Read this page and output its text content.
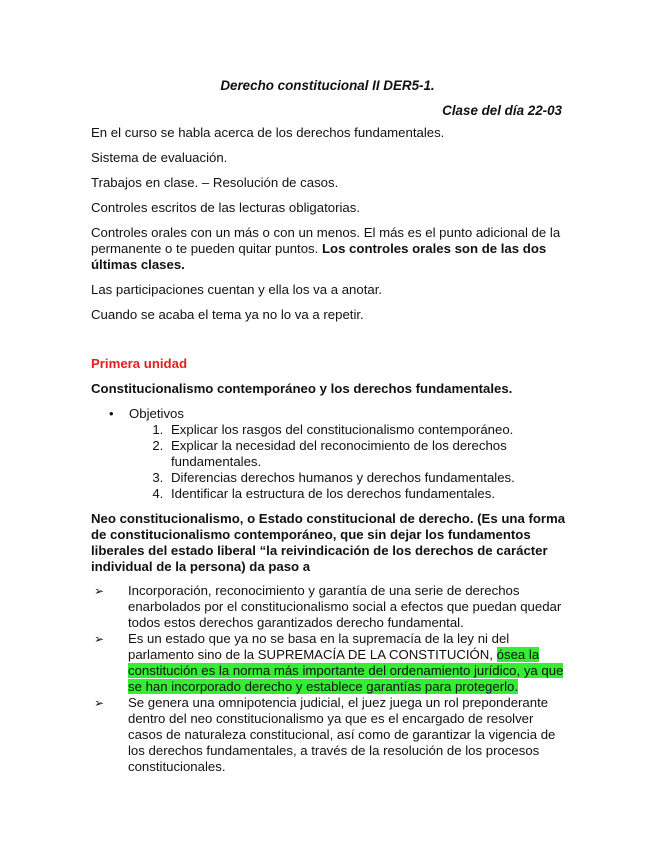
Derecho constitucional II DER5-1.

Clase del día 22-03

En el curso se habla acerca de los derechos fundamentales.

Sistema de evaluación.

Trabajos en clase. – Resolución de casos.

Controles escritos de las lecturas obligatorias.

Controles orales con un más o con un menos. El más es el punto adicional de la permanente o te pueden quitar puntos. Los controles orales son de las dos últimas clases.

Las participaciones cuentan y ella los va a anotar.

Cuando se acaba el tema ya no lo va a repetir.

Primera unidad

Constitucionalismo contemporáneo y los derechos fundamentales.

• Objetivos
1. Explicar los rasgos del constitucionalismo contemporáneo.
2. Explicar la necesidad del reconocimiento de los derechos fundamentales.
3. Diferencias derechos humanos y derechos fundamentales.
4. Identificar la estructura de los derechos fundamentales.

Neo constitucionalismo, o Estado constitucional de derecho. (Es una forma de constitucionalismo contemporáneo, que sin dejar los fundamentos liberales del estado liberal “la reivindicación de los derechos de carácter individual de la persona) da paso a

➢ Incorporación, reconocimiento y garantía de una serie de derechos enarbolados por el constitucionalismo social a efectos que puedan quedar todos estos derechos garantizados derecho fundamental.
➢ Es un estado que ya no se basa en la supremacía de la ley ni del parlamento sino de la SUPREMACÍA DE LA CONSTITUCIÓN, ósea la constitución es la norma más importante del ordenamiento jurídico, ya que se han incorporado derecho y establece garantías para protegerlo.
➢ Se genera una omnipotencia judicial, el juez juega un rol preponderante dentro del neo constitucionalismo ya que es el encargado de resolver casos de naturaleza constitucional, así como de garantizar la vigencia de los derechos fundamentales, a través de la resolución de los procesos constitucionales.
